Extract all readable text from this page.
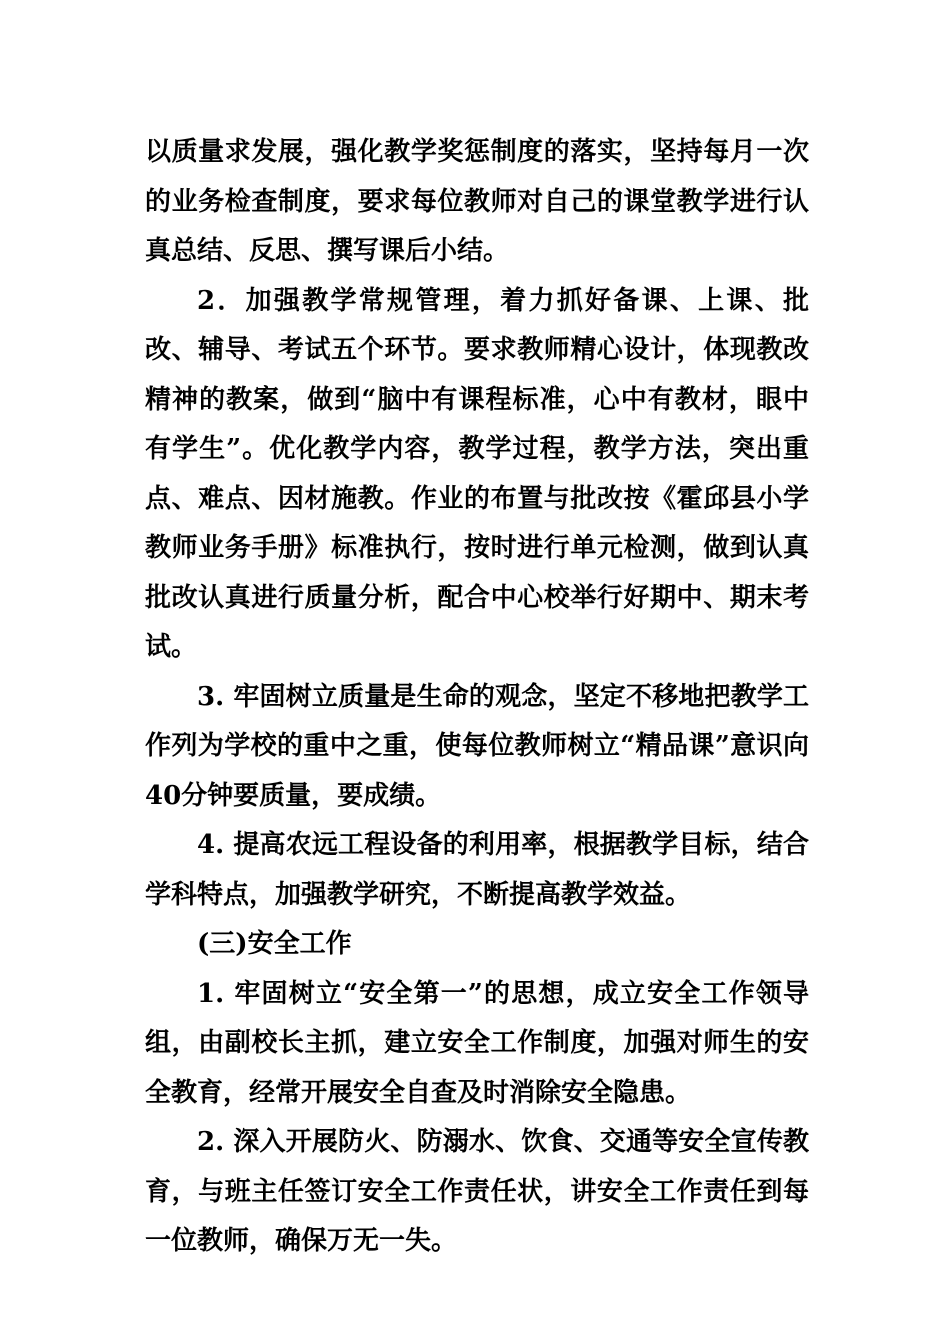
以质量求发展，强化教学奖惩制度的落实，坚持每月一次的业务检查制度，要求每位教师对自己的课堂教学进行认真总结、反思、撰写课后小结。

2．加强教学常规管理，着力抓好备课、上课、批改、辅导、考试五个环节。要求教师精心设计，体现教改精神的教案，做到“脑中有课程标准，心中有教材，眼中有学生”。优化教学内容，教学过程，教学方法，突出重点、难点、因材施教。作业的布置与批改按《霍邱县小学教师业务手册》标准执行，按时进行单元检测，做到认真批改认真进行质量分析，配合中心校举行好期中、期末考试。

3. 牢固树立质量是生命的观念，坚定不移地把教学工作列为学校的重中之重，使每位教师树立“精品课”意识向40分钟要质量，要成绩。

4. 提高农远工程设备的利用率，根据教学目标，结合学科特点，加强教学研究，不断提高教学效益。

(三)安全工作

1. 牢固树立“安全第一”的思想，成立安全工作领导组，由副校长主抓，建立安全工作制度，加强对师生的安全教育，经常开展安全自查及时消除安全隐患。

2. 深入开展防火、防溺水、饮食、交通等安全宣传教育，与班主任签订安全工作责任状，讲安全工作责任到每一位教师，确保万无一失。
